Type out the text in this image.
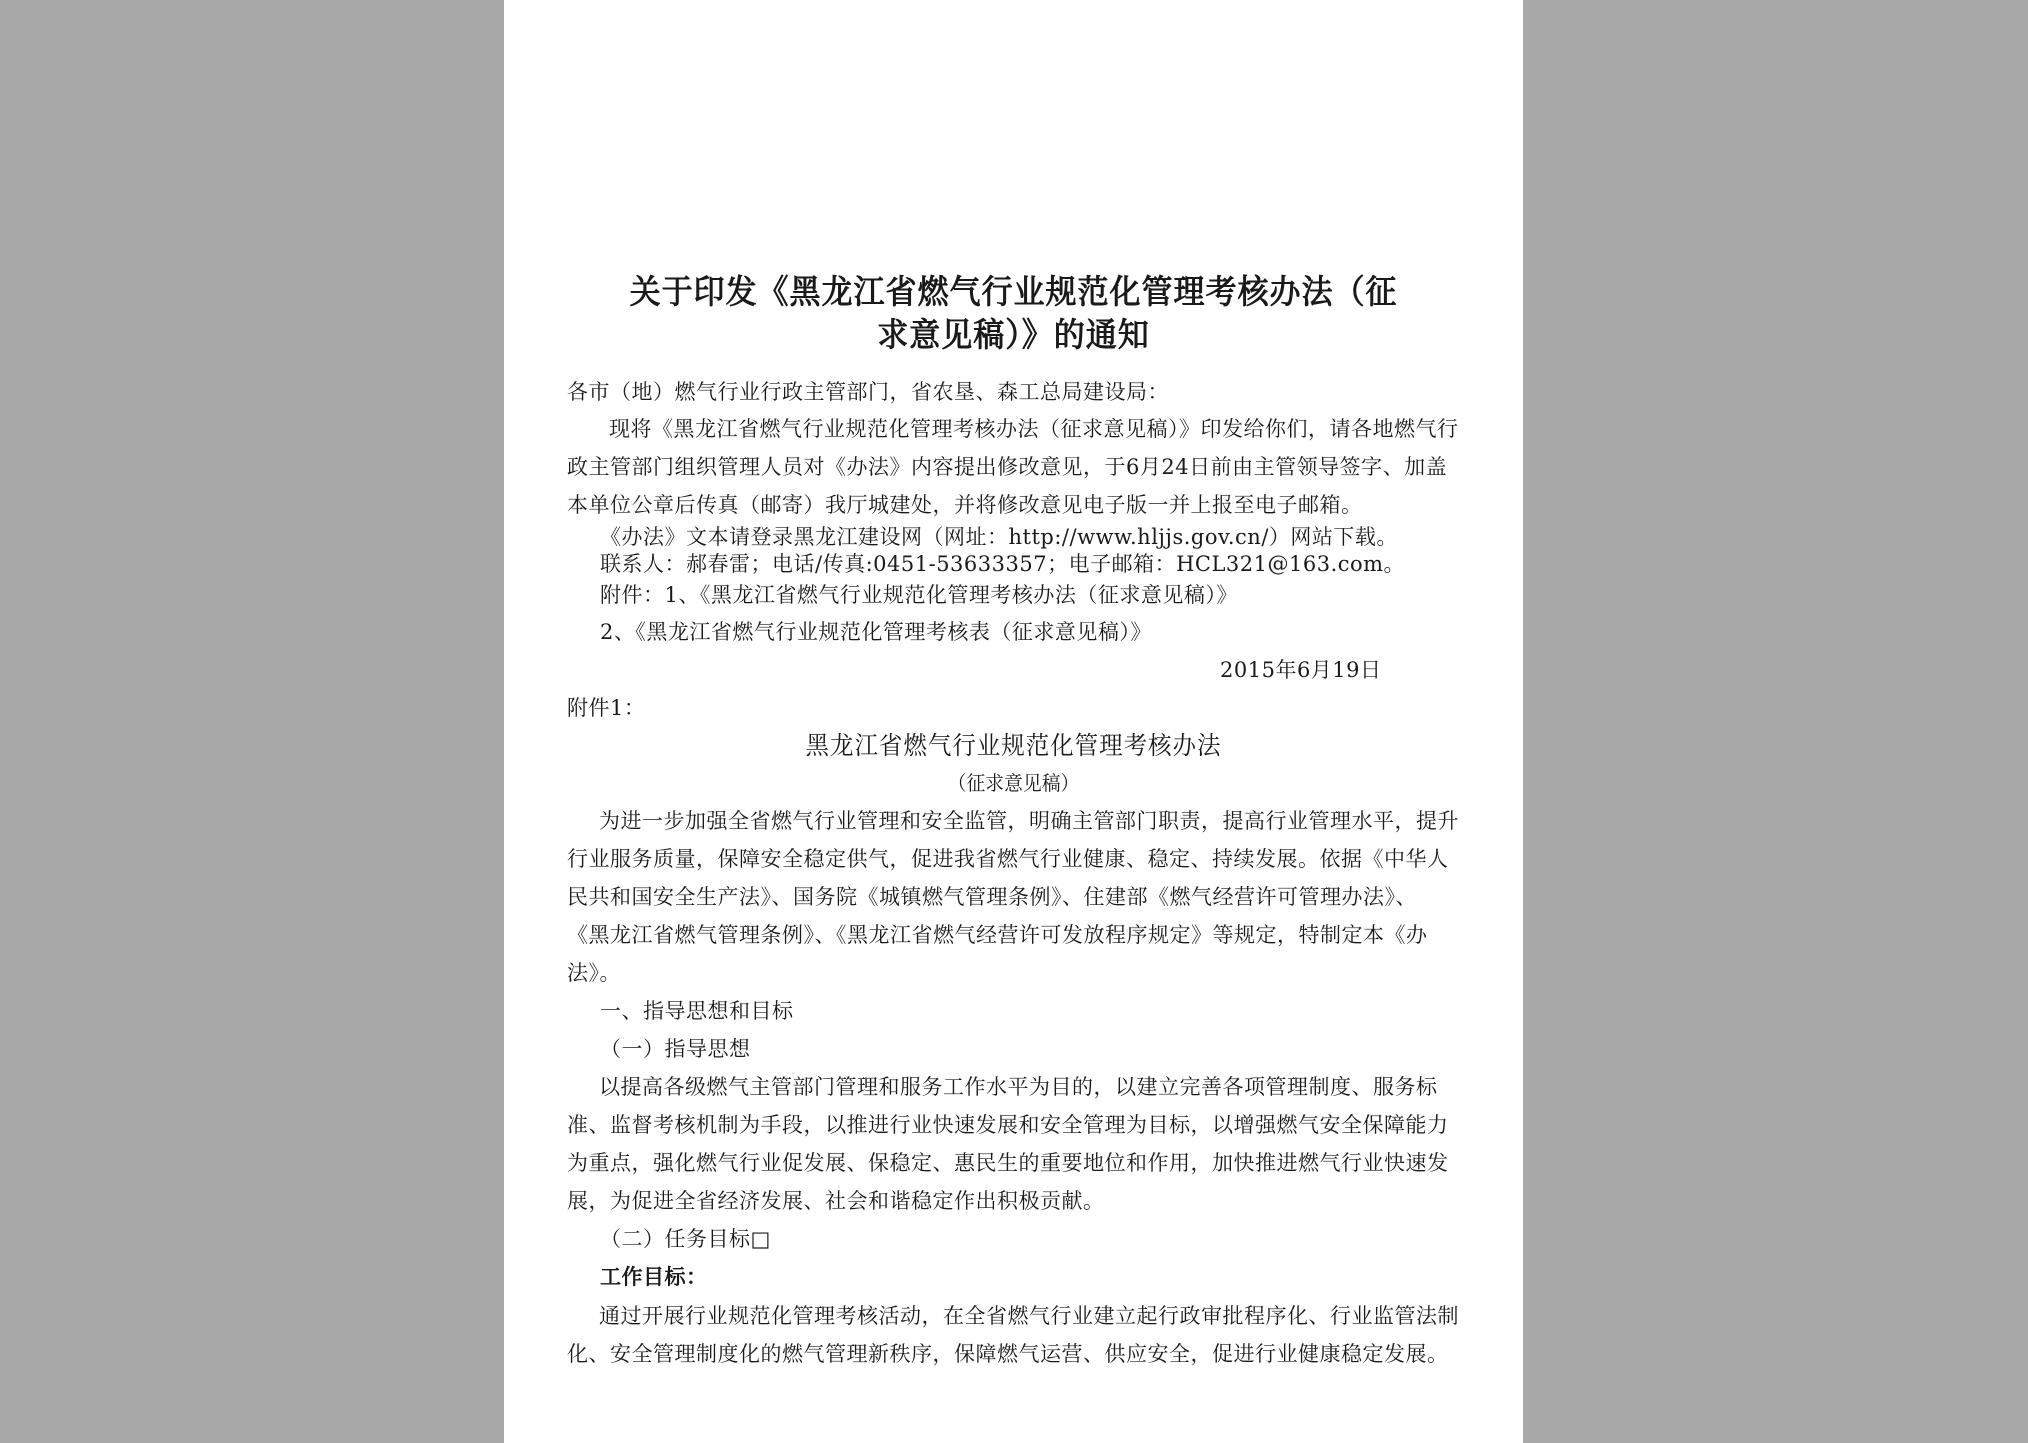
关于印发《黑龙江省燃气行业规范化管理考核办法（征
求意见稿）》的通知
各市（地）燃气行业行政主管部门，省农垦、森工总局建设局：
现将《黑龙江省燃气行业规范化管理考核办法（征求意见稿）》印发给你们，请各地燃气行
政主管部门组织管理人员对《办法》内容提出修改意见，于6月24日前由主管领导签字、加盖
本单位公章后传真（邮寄）我厅城建处，并将修改意见电子版一并上报至电子邮箱。
《办法》文本请登录黑龙江建设网（网址：http://www.hljjs.gov.cn/）网站下载。
联系人：郝春雷；电话/传真:0451-53633357；电子邮箱：HCL321@163.com。
附件：1、《黑龙江省燃气行业规范化管理考核办法（征求意见稿）》
2、《黑龙江省燃气行业规范化管理考核表（征求意见稿）》
2015年6月19日
附件1：
黑龙江省燃气行业规范化管理考核办法
（征求意见稿）
为进一步加强全省燃气行业管理和安全监管，明确主管部门职责，提高行业管理水平，提升
行业服务质量，保障安全稳定供气，促进我省燃气行业健康、稳定、持续发展。依据《中华人
民共和国安全生产法》、国务院《城镇燃气管理条例》、住建部《燃气经营许可管理办法》、
《黑龙江省燃气管理条例》、《黑龙江省燃气经营许可发放程序规定》等规定，特制定本《办
法》。
一、指导思想和目标
（一）指导思想
以提高各级燃气主管部门管理和服务工作水平为目的，以建立完善各项管理制度、服务标
准、监督考核机制为手段，以推进行业快速发展和安全管理为目标，以增强燃气安全保障能力
为重点，强化燃气行业促发展、保稳定、惠民生的重要地位和作用，加快推进燃气行业快速发
展，为促进全省经济发展、社会和谐稳定作出积极贡献。
（二）任务目标□
工作目标：
通过开展行业规范化管理考核活动，在全省燃气行业建立起行政审批程序化、行业监管法制
化、安全管理制度化的燃气管理新秩序，保障燃气运营、供应安全，促进行业健康稳定发展。
